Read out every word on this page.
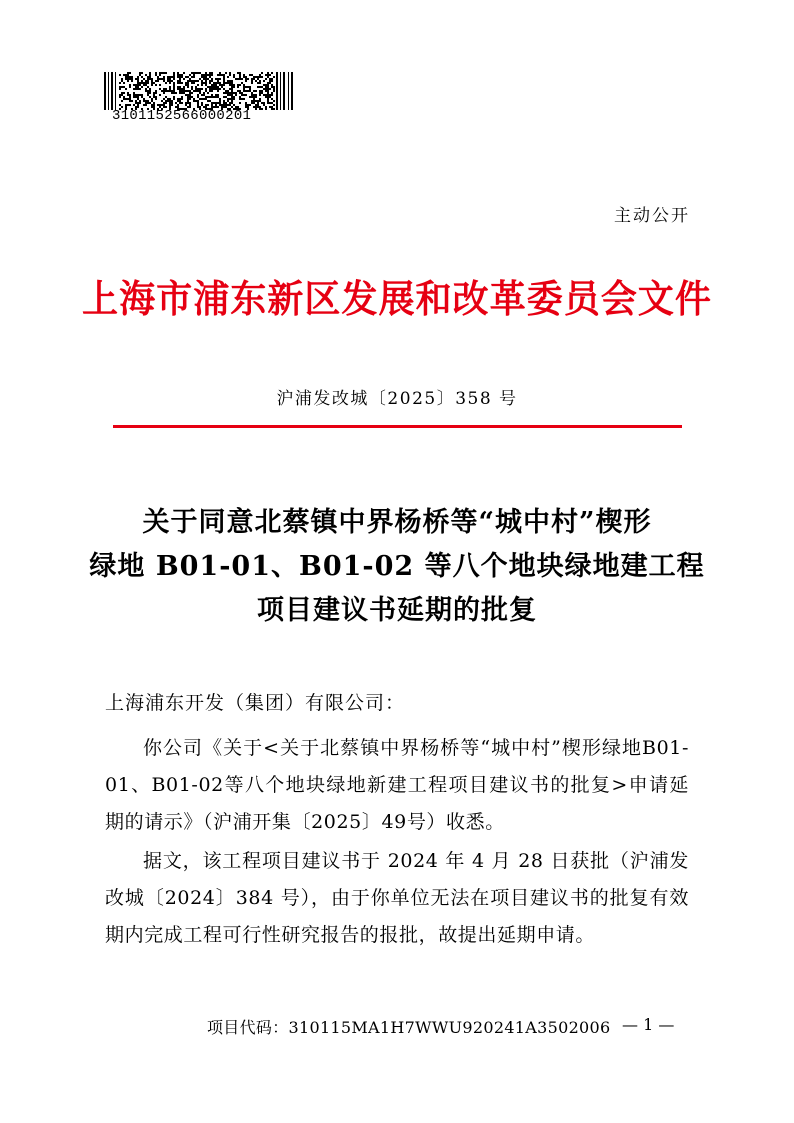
3101152566000201
主动公开
上海市浦东新区发展和改革委员会文件
沪浦发改城〔2025〕358 号
关于同意北蔡镇中界杨桥等“城中村”楔形
绿地 B01-01、B01-02 等八个地块绿地建工程
项目建议书延期的批复
上海浦东开发（集团）有限公司：

你公司《关于<关于北蔡镇中界杨桥等“城中村”楔形绿地B01-01、B01-02等八个地块绿地新建工程项目建议书的批复>申请延期的请示》（沪浦开集〔2025〕49号）收悉。

据文，该工程项目建议书于 2024 年 4 月 28 日获批（沪浦发改城〔2024〕384 号），由于你单位无法在项目建议书的批复有效期内完成工程可行性研究报告的报批，故提出延期申请。

项目代码：310115MA1H7WWU920241A3502006 — 1 —
